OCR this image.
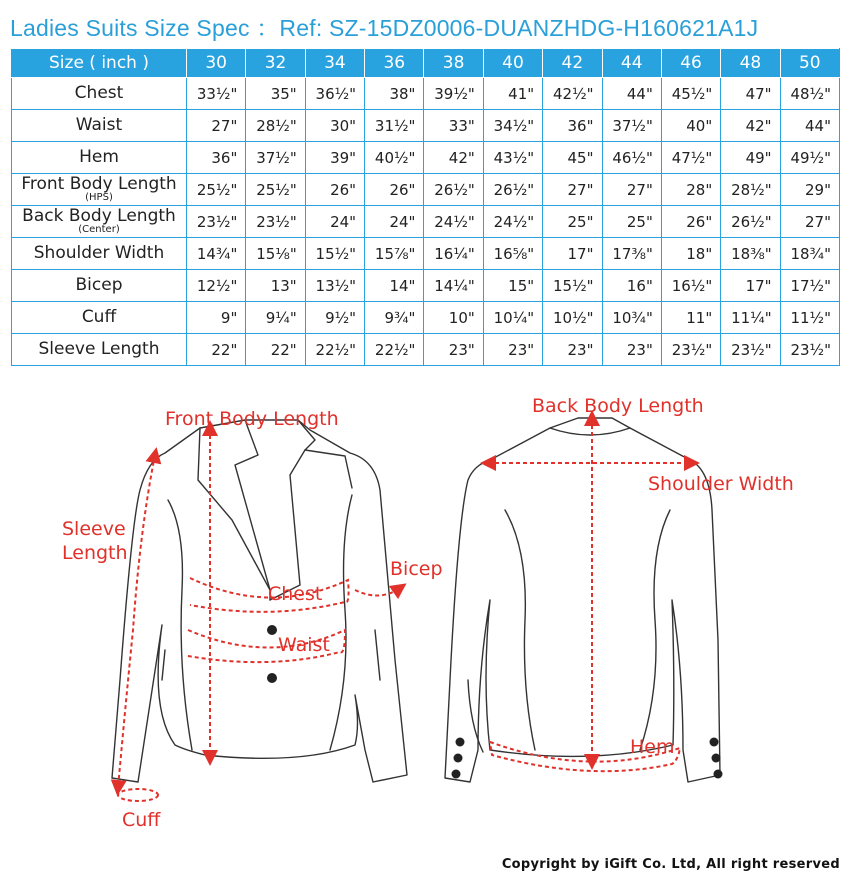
Ladies Suits Size Spec ：Ref: SZ-15DZ0006-DUANZHDG-H160621A1J
Size ( inch )	30	32	34	36	38	40	42	44	46	48	50
Chest	33½"	35"	36½"	38"	39½"	41"	42½"	44"	45½"	47"	48½"
Waist	27"	28½"	30"	31½"	33"	34½"	36"	37½"	40"	42"	44"
Hem	36"	37½"	39"	40½"	42"	43½"	45"	46½"	47½"	49"	49½"
Front Body Length
(HPS)	25½"	25½"	26"	26"	26½"	26½"	27"	27"	28"	28½"	29"
Back Body Length
(Center)	23½"	23½"	24"	24"	24½"	24½"	25"	25"	26"	26½"	27"
Shoulder Width	14¾"	15⅛"	15½"	15⅞"	16¼"	16⅝"	17"	17⅜"	18"	18⅜"	18¾"
Bicep	12½"	13"	13½"	14"	14¼"	15"	15½"	16"	16½"	17"	17½"
Cuff	9"	9¼"	9½"	9¾"	10"	10¼"	10½"	10¾"	11"	11¼"	11½"
Sleeve Length	22"	22"	22½"	22½"	23"	23"	23"	23"	23½"	23½"	23½"
Front Body Length
Sleeve Length
Chest
Waist
Bicep
Cuff
Back Body Length
Shoulder Width
Hem
Copyright by iGift Co. Ltd, All right reserved
